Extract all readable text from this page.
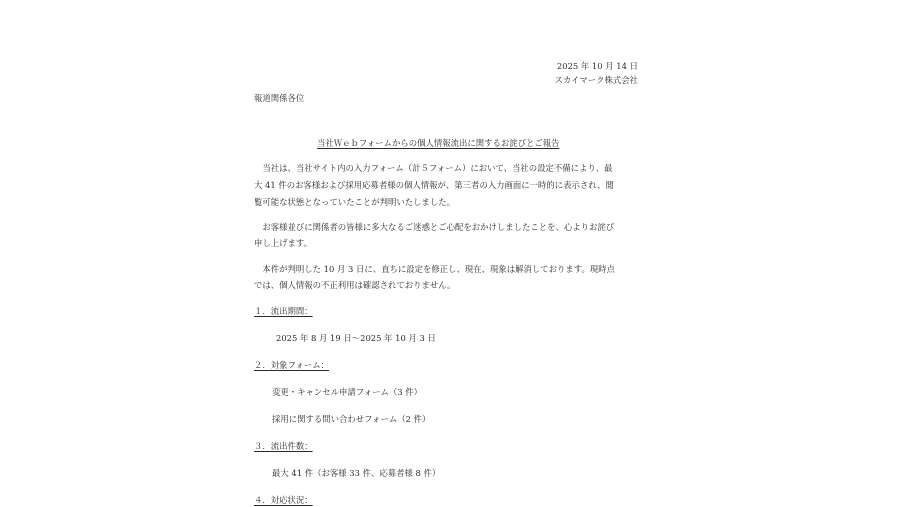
2025 年 10 月 14 日
スカイマーク株式会社
報道関係各位
当社Ｗｅｂフォームからの個人情報流出に関するお詫びとご報告
　当社は、当社サイト内の入力フォーム（計５フォーム）において、当社の設定不備により、最
大 41 件のお客様および採用応募者様の個人情報が、第三者の入力画面に一時的に表示され、閲
覧可能な状態となっていたことが判明いたしました。
　お客様並びに関係者の皆様に多大なるご迷惑とご心配をおかけしましたことを、心よりお詫び
申し上げます。
　本件が判明した 10 月 3 日に、直ちに設定を修正し、現在、現象は解消しております。現時点
では、個人情報の不正利用は確認されておりません。
１．流出期間：
2025 年 8 月 19 日〜2025 年 10 月 3 日
２．対象フォーム：
変更・キャンセル申請フォーム（3 件）
採用に関する問い合わせフォーム（2 件）
３．流出件数：
最大 41 件（お客様 33 件、応募者様 8 件）
４．対応状況：
